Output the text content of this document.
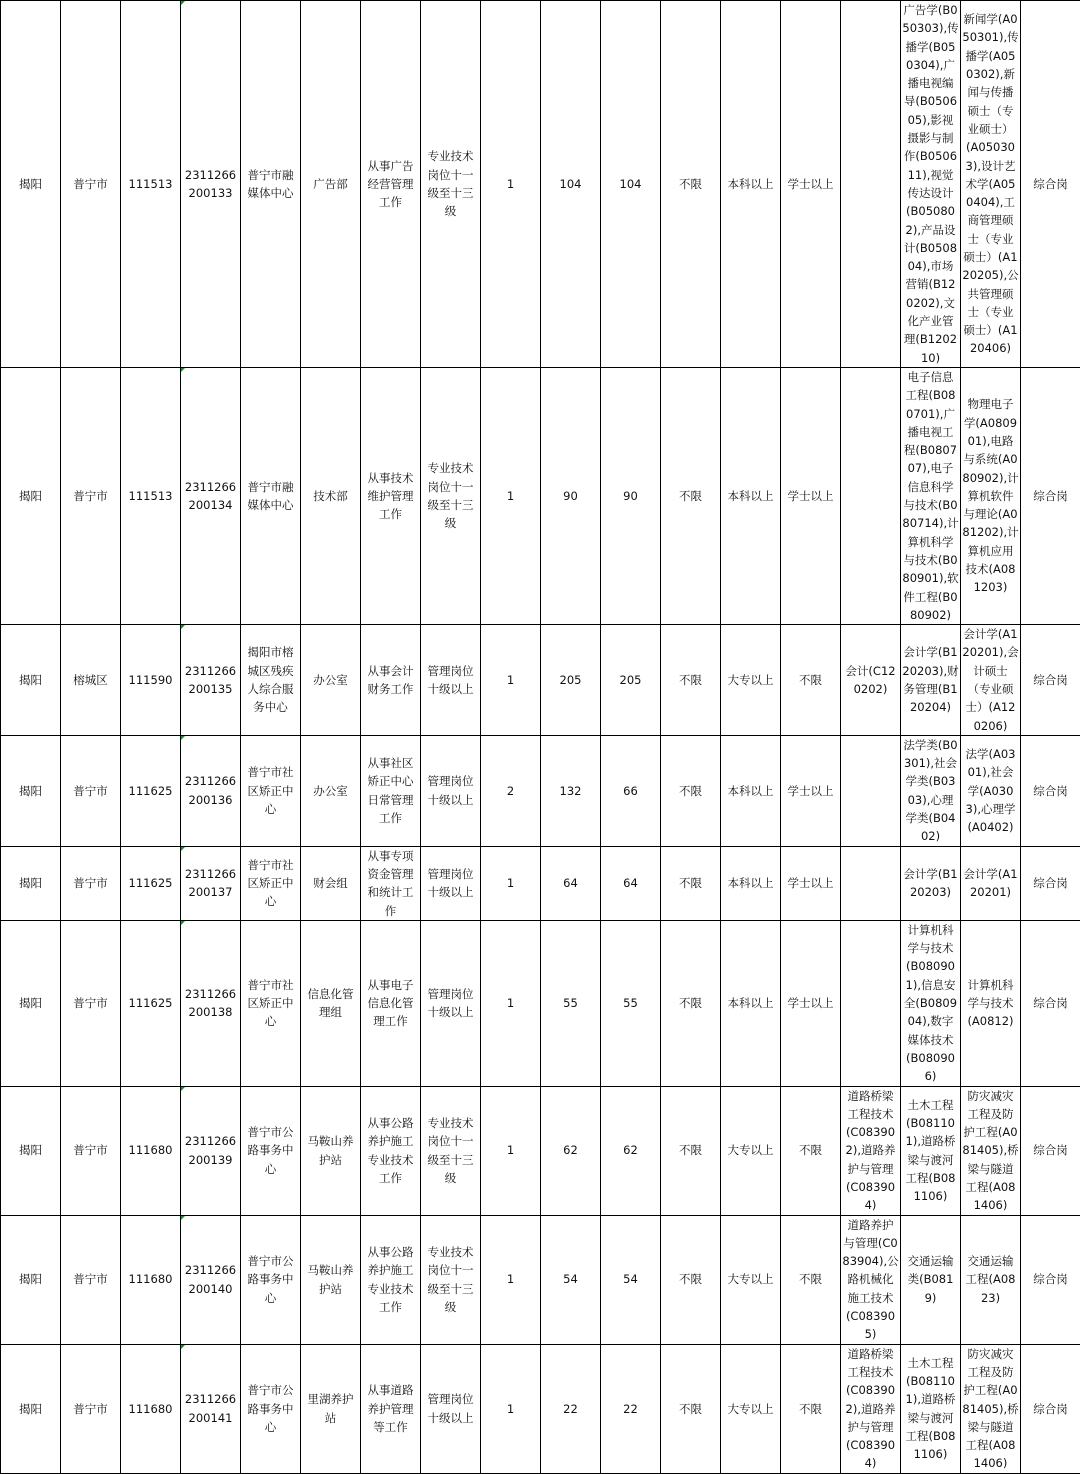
揭阳	普宁市	111513	2311266200133	普宁市融媒体中心	广告部	从事广告经营管理工作	专业技术岗位十一级至十三级	1	104	104	不限	本科以上	学士以上		广告学(B050303),传播学(B050304),广播电视编导(B050605),影视摄影与制作(B050611),视觉传达设计(B050802),产品设计(B050804),市场营销(B120202),文化产业管理(B120210)	新闻学(A050301),传播学(A050302),新闻与传播硕士（专业硕士）(A050303),设计艺术学(A050404),工商管理硕士（专业硕士）(A120205),公共管理硕士（专业硕士）(A120406)	综合岗
揭阳	普宁市	111513	2311266200134	普宁市融媒体中心	技术部	从事技术维护管理工作	专业技术岗位十一级至十三级	1	90	90	不限	本科以上	学士以上		电子信息工程(B080701),广播电视工程(B080707),电子信息科学与技术(B080714),计算机科学与技术(B080901),软件工程(B080902)	物理电子学(A080901),电路与系统(A080902),计算机软件与理论(A081202),计算机应用技术(A081203)	综合岗
揭阳	榕城区	111590	2311266200135	揭阳市榕城区残疾人综合服务中心	办公室	从事会计财务工作	管理岗位十级以上	1	205	205	不限	大专以上	不限	会计(C120202)	会计学(B120203),财务管理(B120204)	会计学(A120201),会计硕士（专业硕士）(A120206)	综合岗
揭阳	普宁市	111625	2311266200136	普宁市社区矫正中心	办公室	从事社区矫正中心日常管理工作	管理岗位十级以上	2	132	66	不限	本科以上	学士以上		法学类(B0301),社会学类(B0303),心理学类(B0402)	法学(A0301),社会学(A0303),心理学(A0402)	综合岗
揭阳	普宁市	111625	2311266200137	普宁市社区矫正中心	财会组	从事专项资金管理和统计工作	管理岗位十级以上	1	64	64	不限	本科以上	学士以上		会计学(B120203)	会计学(A120201)	综合岗
揭阳	普宁市	111625	2311266200138	普宁市社区矫正中心	信息化管理组	从事电子信息化管理工作	管理岗位十级以上	1	55	55	不限	本科以上	学士以上		计算机科学与技术(B080901),信息安全(B080904),数字媒体技术(B080906)	计算机科学与技术(A0812)	综合岗
揭阳	普宁市	111680	2311266200139	普宁市公路事务中心	马鞍山养护站	从事公路养护施工专业技术工作	专业技术岗位十一级至十三级	1	62	62	不限	大专以上	不限	道路桥梁工程技术(C083902),道路养护与管理(C083904)	土木工程(B081101),道路桥梁与渡河工程(B081106)	防灾减灾工程及防护工程(A081405),桥梁与隧道工程(A081406)	综合岗
揭阳	普宁市	111680	2311266200140	普宁市公路事务中心	马鞍山养护站	从事公路养护施工专业技术工作	专业技术岗位十一级至十三级	1	54	54	不限	大专以上	不限	道路养护与管理(C083904),公路机械化施工技术(C083905)	交通运输类(B0819)	交通运输工程(A0823)	综合岗
揭阳	普宁市	111680	2311266200141	普宁市公路事务中心	里湖养护站	从事道路养护管理等工作	管理岗位十级以上	1	22	22	不限	大专以上	不限	道路桥梁工程技术(C083902),道路养护与管理(C083904)	土木工程(B081101),道路桥梁与渡河工程(B081106)	防灾减灾工程及防护工程(A081405),桥梁与隧道工程(A081406)	综合岗
